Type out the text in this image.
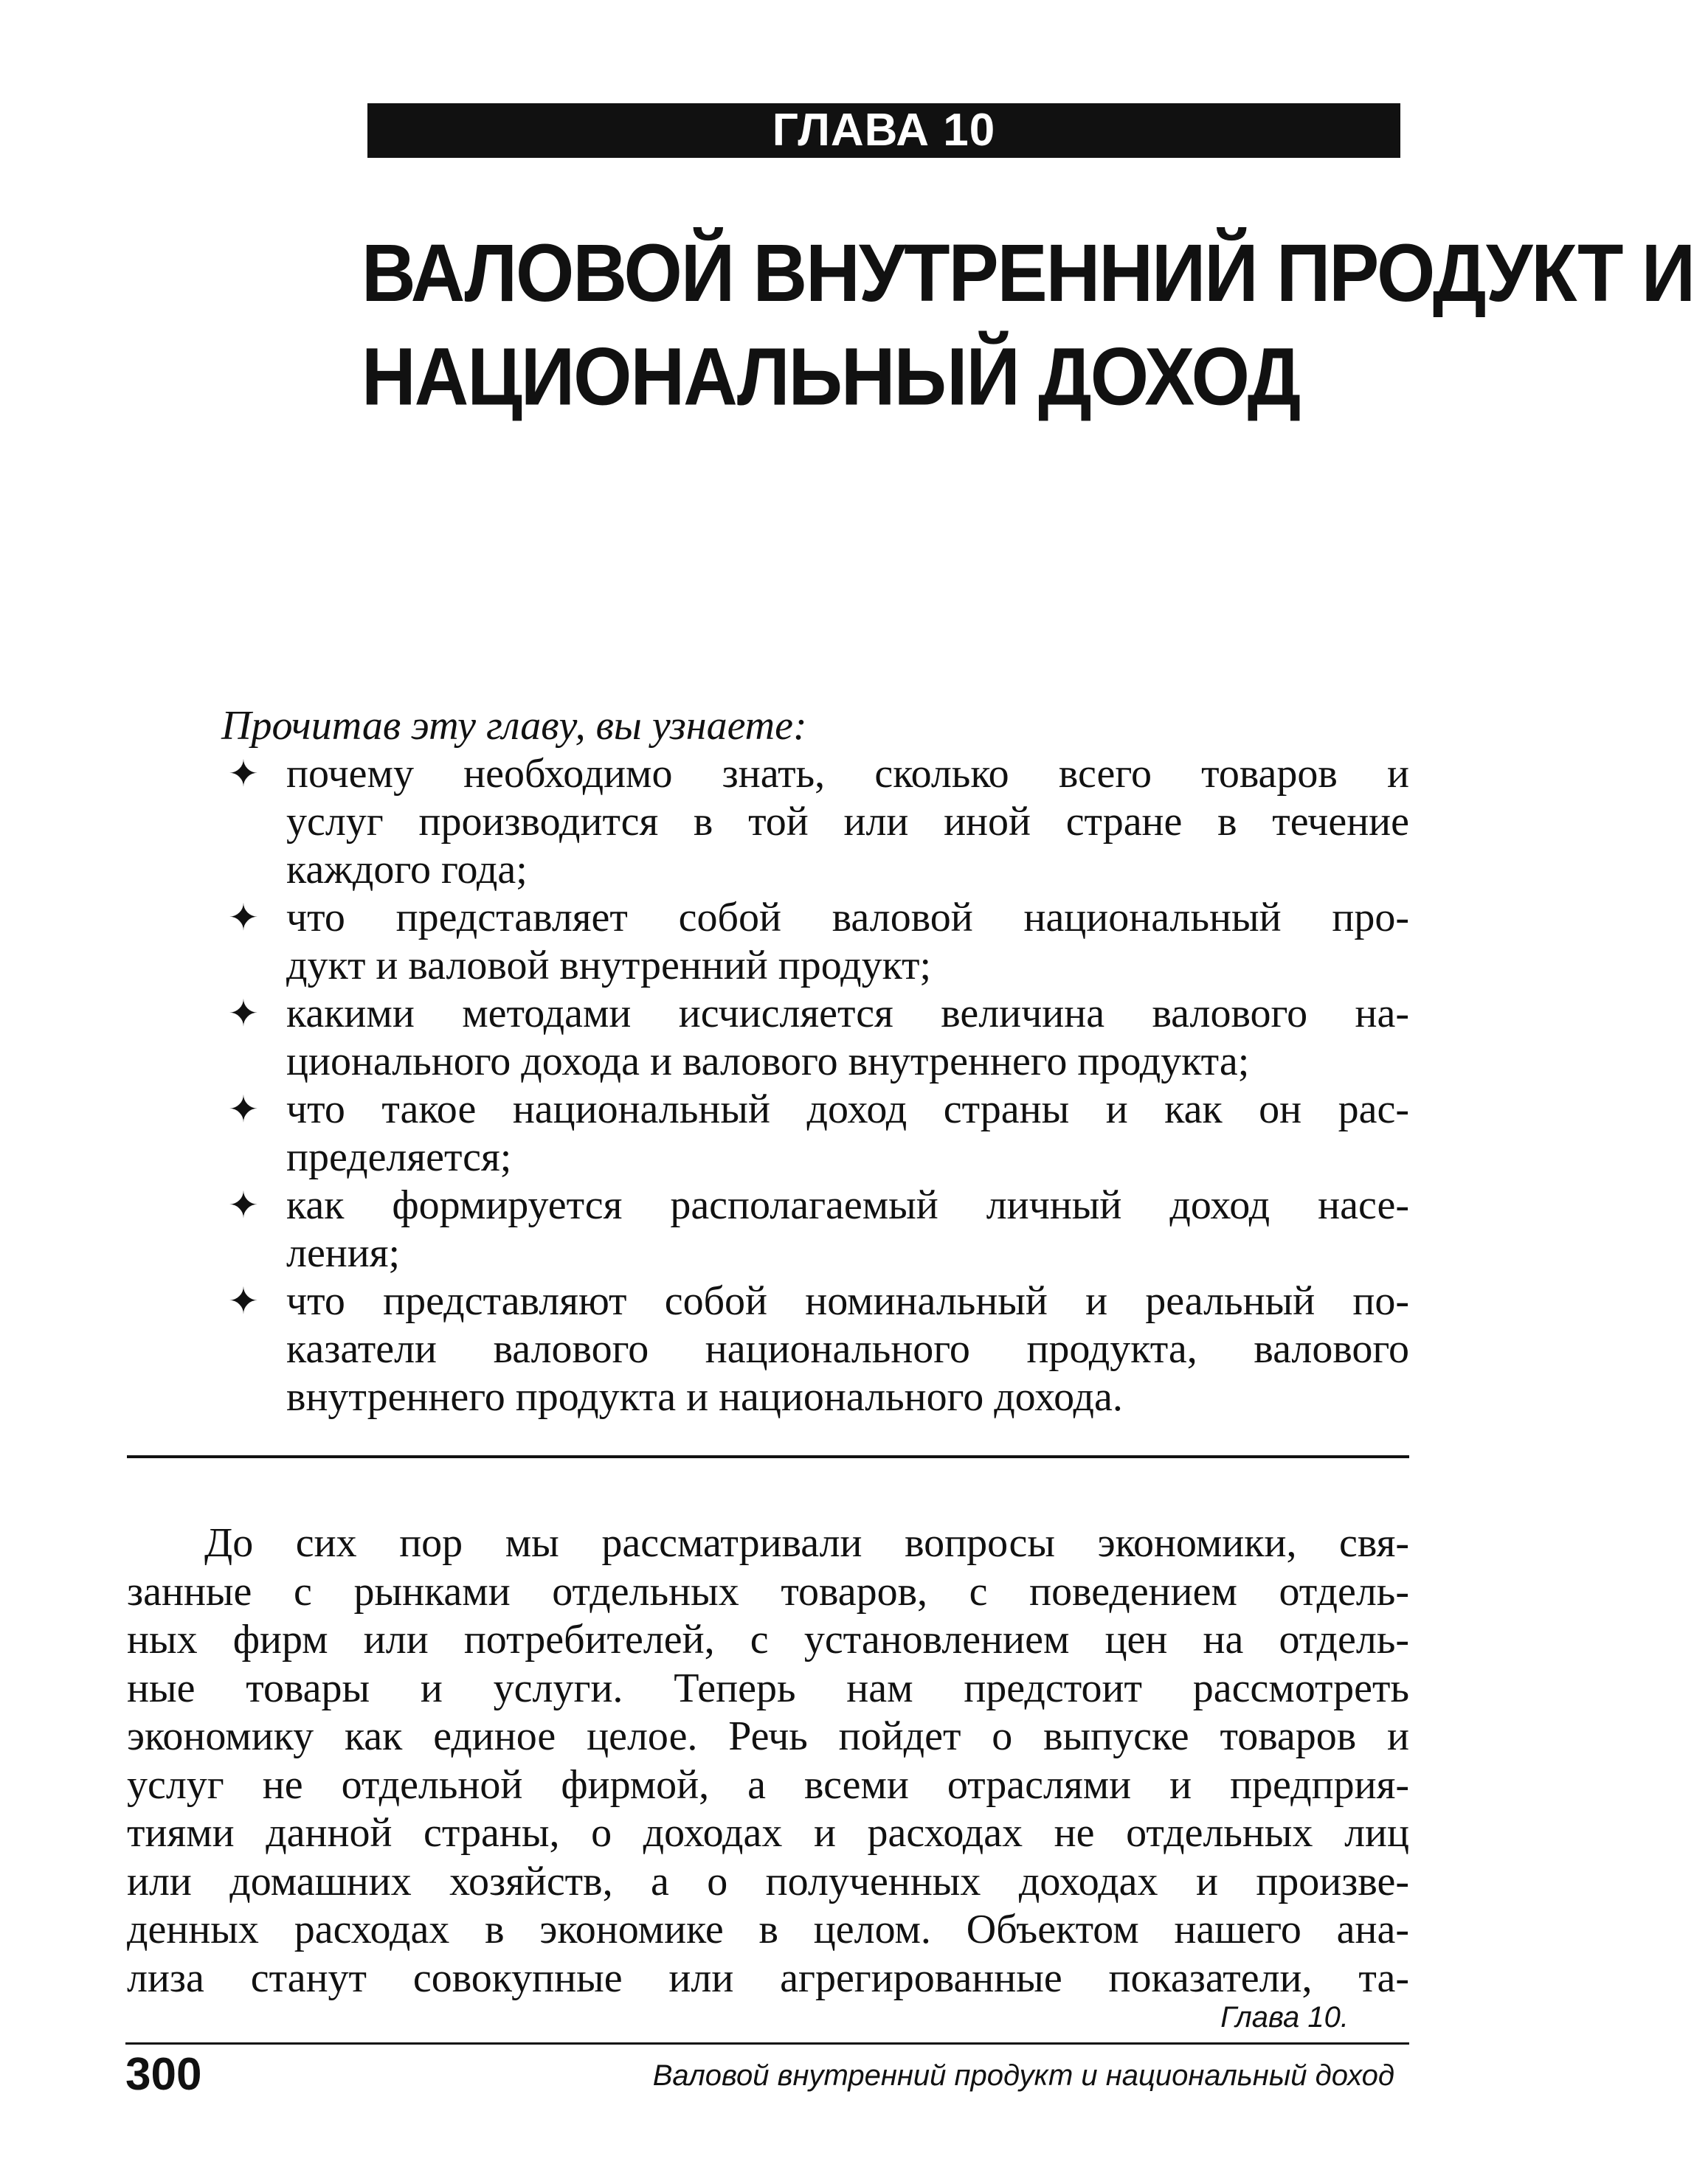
ГЛАВА 10
ВАЛОВОЙ ВНУТРЕННИЙ ПРОДУКТ И
НАЦИОНАЛЬНЫЙ ДОХОД

Прочитав эту главу, вы узнаете:

✦ почему необходимо знать, сколько всего товаров и
услуг производится в той или иной стране в течение
каждого года;
✦ что представляет собой валовой национальный про-
дукт и валовой внутренний продукт;
✦ какими методами исчисляется величина валового на-
ционального дохода и валового внутреннего продукта;
✦ что такое национальный доход страны и как он рас-
пределяется;
✦ как формируется располагаемый личный доход насе-
ления;
✦ что представляют собой номинальный и реальный по-
казатели валового национального продукта, валового
внутреннего продукта и национального дохода.
До сих пор мы рассматривали вопросы экономики, свя-
занные с рынками отдельных товаров, с поведением отдель-
ных фирм или потребителей, с установлением цен на отдель-
ные товары и услуги. Теперь нам предстоит рассмотреть
экономику как единое целое. Речь пойдет о выпуске товаров и
услуг не отдельной фирмой, а всеми отраслями и предприя-
тиями данной страны, о доходах и расходах не отдельных лиц
или домашних хозяйств, а о полученных доходах и произве-
денных расходах в экономике в целом. Объектом нашего ана-
лиза станут совокупные или агрегированные показатели, та-
Глава 10.
300	Валовой внутренний продукт и национальный доход
